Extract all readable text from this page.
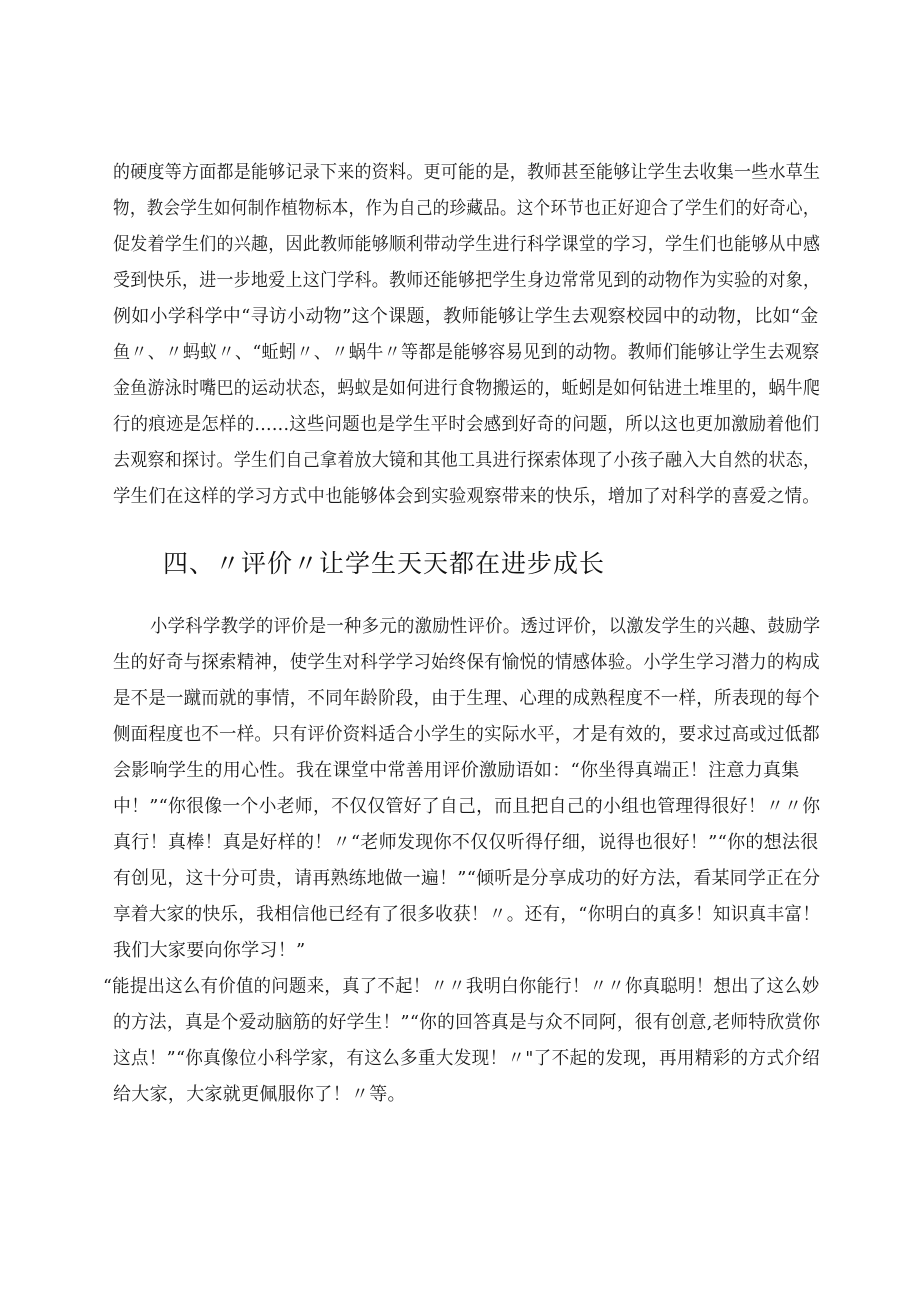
的硬度等方面都是能够记录下来的资料。更可能的是，教师甚至能够让学生去收集一些水草生

物，教会学生如何制作植物标本，作为自己的珍藏品。这个环节也正好迎合了学生们的好奇心，

促发着学生们的兴趣，因此教师能够顺利带动学生进行科学课堂的学习，学生们也能够从中感

受到快乐，进一步地爱上这门学科。教师还能够把学生身边常常见到的动物作为实验的对象，

例如小学科学中“寻访小动物”这个课题，教师能够让学生去观察校园中的动物，比如“金

鱼〃、〃蚂蚁〃、“蚯蚓〃、〃蜗牛〃等都是能够容易见到的动物。教师们能够让学生去观察

金鱼游泳时嘴巴的运动状态，蚂蚁是如何进行食物搬运的，蚯蚓是如何钻进土堆里的，蜗牛爬

行的痕迹是怎样的......这些问题也是学生平时会感到好奇的问题，所以这也更加激励着他们

去观察和探讨。学生们自己拿着放大镜和其他工具进行探索体现了小孩子融入大自然的状态，

学生们在这样的学习方式中也能够体会到实验观察带来的快乐，增加了对科学的喜爱之情。

四、〃评价〃让学生天天都在进步成长

小学科学教学的评价是一种多元的激励性评价。透过评价，以激发学生的兴趣、鼓励学

生的好奇与探索精神，使学生对科学学习始终保有愉悦的情感体验。小学生学习潜力的构成

是不是一蹴而就的事情，不同年龄阶段，由于生理、心理的成熟程度不一样，所表现的每个

侧面程度也不一样。只有评价资料适合小学生的实际水平，才是有效的，要求过高或过低都

会影响学生的用心性。我在课堂中常善用评价激励语如：“你坐得真端正！注意力真集

中！”“你很像一个小老师，不仅仅管好了自己，而且把自己的小组也管理得很好！〃〃你

真行！真棒！真是好样的！〃“老师发现你不仅仅听得仔细，说得也很好！”“你的想法很

有创见，这十分可贵，请再熟练地做一遍！”“倾听是分享成功的好方法，看某同学正在分

享着大家的快乐，我相信他已经有了很多收获！〃。还有，“你明白的真多！知识真丰富！

我们大家要向你学习！”

“能提出这么有价值的问题来，真了不起！〃〃我明白你能行！〃〃你真聪明！想出了这么妙

的方法，真是个爱动脑筋的好学生！”“你的回答真是与众不同阿，很有创意,老师特欣赏你

这点！”“你真像位小科学家，有这么多重大发现！〃"了不起的发现，再用精彩的方式介绍

给大家，大家就更佩服你了！〃等。
